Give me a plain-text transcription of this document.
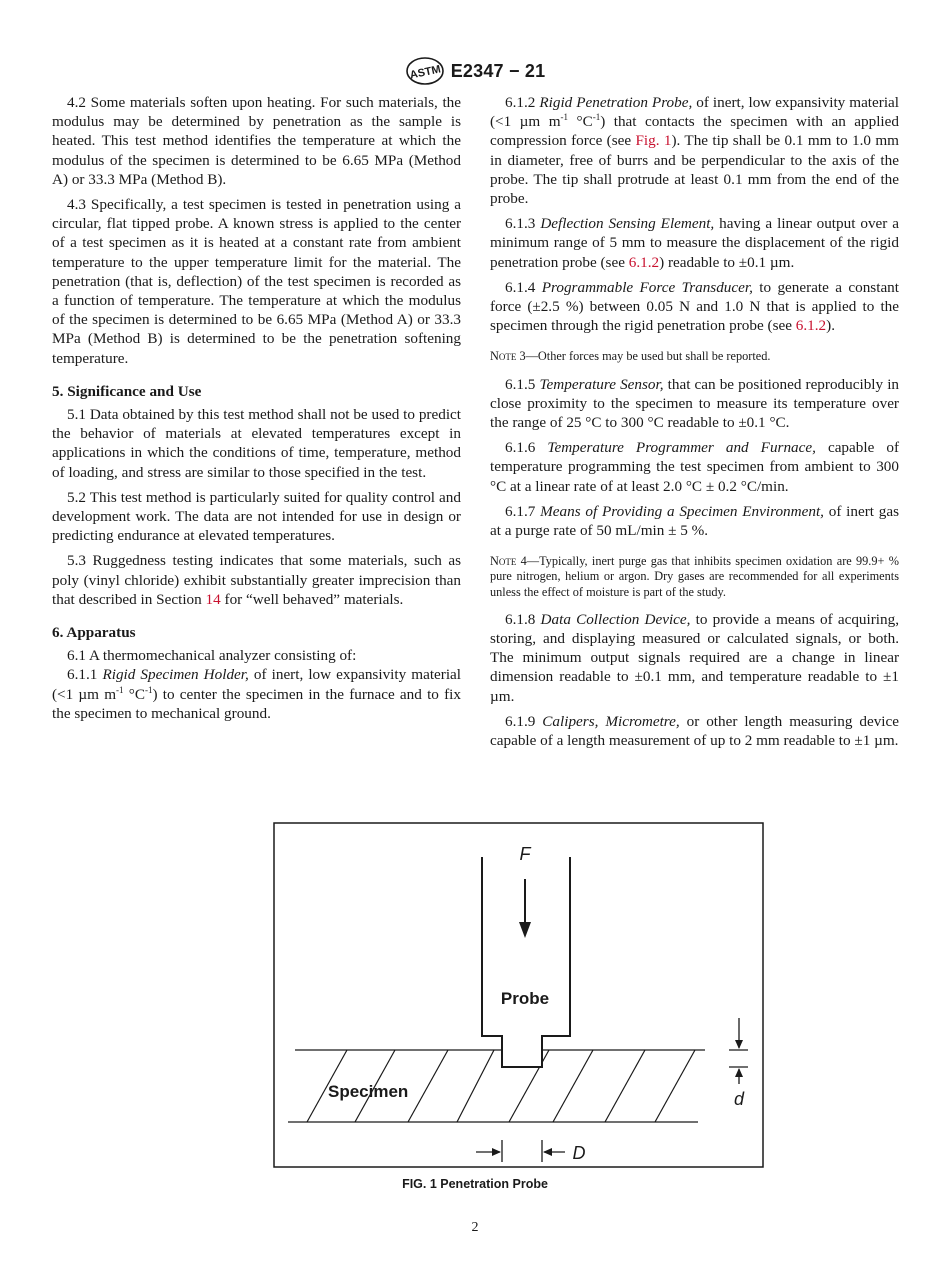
ASTM E2347 − 21

4.2 Some materials soften upon heating. For such materials, the modulus may be determined by penetration as the sample is heated. This test method identifies the temperature at which the modulus of the specimen is determined to be 6.65 MPa (Method A) or 33.3 MPa (Method B).

4.3 Specifically, a test specimen is tested in penetration using a circular, flat tipped probe. A known stress is applied to the center of a test specimen as it is heated at a constant rate from ambient temperature to the upper temperature limit for the material. The penetration (that is, deflection) of the test specimen is recorded as a function of temperature. The temperature at which the modulus of the specimen is determined to be 6.65 MPa (Method A) or 33.3 MPa (Method B) is determined to be the penetration softening temperature.

5. Significance and Use

5.1 Data obtained by this test method shall not be used to predict the behavior of materials at elevated temperatures except in applications in which the conditions of time, temperature, method of loading, and stress are similar to those specified in the test.

5.2 This test method is particularly suited for quality control and development work. The data are not intended for use in design or predicting endurance at elevated temperatures.

5.3 Ruggedness testing indicates that some materials, such as poly (vinyl chloride) exhibit substantially greater imprecision than that described in Section 14 for “well behaved” materials.

6. Apparatus

6.1 A thermomechanical analyzer consisting of:

6.1.1 Rigid Specimen Holder, of inert, low expansivity material (<1 µm $m^{-1}$ $^\circ C^{-1}$) to center the specimen in the furnace and to fix the specimen to mechanical ground.

6.1.2 Rigid Penetration Probe, of inert, low expansivity material (<1 µm $m^{-1}$ $^\circ C^{-1}$) that contacts the specimen with an applied compression force (see Fig. 1). The tip shall be 0.1 mm to 1.0 mm in diameter, free of burrs and be perpendicular to the axis of the probe. The tip shall protrude at least 0.1 mm from the end of the probe.

6.1.3 Deflection Sensing Element, having a linear output over a minimum range of 5 mm to measure the displacement of the rigid penetration probe (see 6.1.2) readable to ±0.1 µm.

6.1.4 Programmable Force Transducer, to generate a constant force (±2.5 %) between 0.05 N and 1.0 N that is applied to the specimen through the rigid penetration probe (see 6.1.2).

Note 3—Other forces may be used but shall be reported.

6.1.5 Temperature Sensor, that can be positioned reproducibly in close proximity to the specimen to measure its temperature over the range of 25 °C to 300 °C readable to ±0.1 °C.

6.1.6 Temperature Programmer and Furnace, capable of temperature programming the test specimen from ambient to 300 °C at a linear rate of at least 2.0 °C ± 0.2 °C/min.

6.1.7 Means of Providing a Specimen Environment, of inert gas at a purge rate of 50 mL/min ± 5 %.

Note 4—Typically, inert purge gas that inhibits specimen oxidation are 99.9+ % pure nitrogen, helium or argon. Dry gases are recommended for all experiments unless the effect of moisture is part of the study.

6.1.8 Data Collection Device, to provide a means of acquiring, storing, and displaying measured or calculated signals, or both. The minimum output signals required are a change in linear dimension readable to ±0.1 mm, and temperature readable to ±1 µm.

6.1.9 Calipers, Micrometre, or other length measuring device capable of a length measurement of up to 2 mm readable to ±1 µm.

F
Probe
Specimen	d
D
FIG. 1 Penetration Probe
2
